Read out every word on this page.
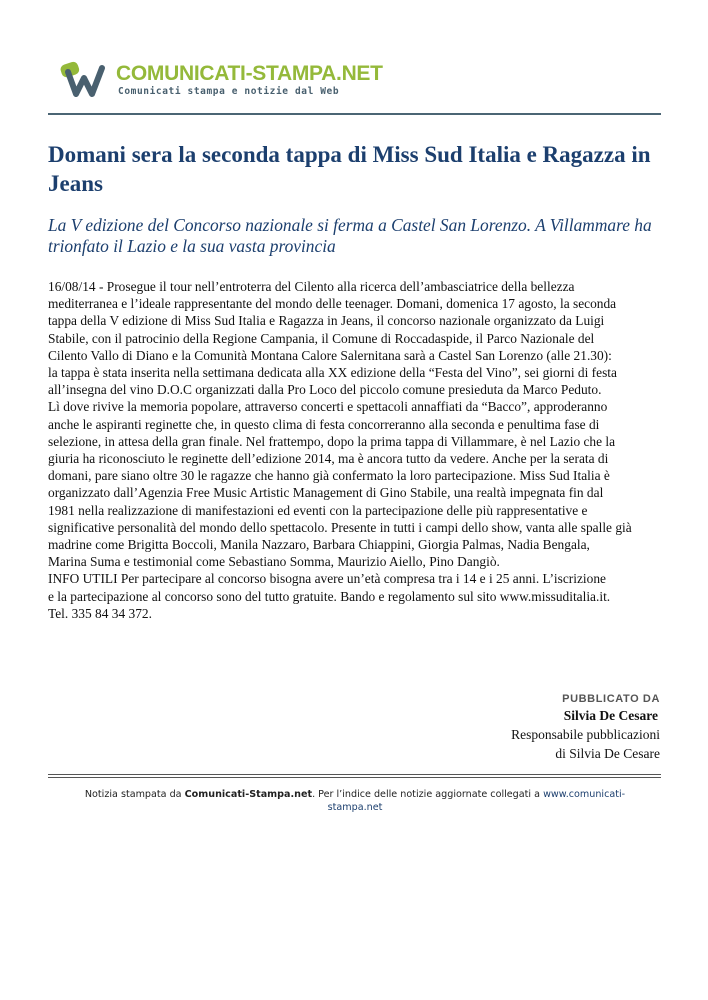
COMUNICATI-STAMPA.NET
Comunicati stampa e notizie dal Web
Domani sera la seconda tappa di Miss Sud Italia e Ragazza in Jeans

La V edizione del Concorso nazionale si ferma a Castel San Lorenzo. A Villammare ha trionfato il Lazio e la sua vasta provincia

16/08/14 - Prosegue il tour nell’entroterra del Cilento alla ricerca dell’ambasciatrice della bellezza
mediterranea e l’ideale rappresentante del mondo delle teenager. Domani, domenica 17 agosto, la seconda
tappa della V edizione di Miss Sud Italia e Ragazza in Jeans, il concorso nazionale organizzato da Luigi
Stabile, con il patrocinio della Regione Campania, il Comune di Roccadaspide, il Parco Nazionale del
Cilento Vallo di Diano e la Comunità Montana Calore Salernitana sarà a Castel San Lorenzo (alle 21.30):
la tappa è stata inserita nella settimana dedicata alla XX edizione della “Festa del Vino”, sei giorni di festa
all’insegna del vino D.O.C organizzati dalla Pro Loco del piccolo comune presieduta da Marco Peduto.
Lì dove rivive la memoria popolare, attraverso concerti e spettacoli annaffiati da “Bacco”, approderanno
anche le aspiranti reginette che, in questo clima di festa concorreranno alla seconda e penultima fase di
selezione, in attesa della gran finale. Nel frattempo, dopo la prima tappa di Villammare, è nel Lazio che la
giuria ha riconosciuto le reginette dell’edizione 2014, ma è ancora tutto da vedere. Anche per la serata di
domani, pare siano oltre 30 le ragazze che hanno già confermato la loro partecipazione. Miss Sud Italia è
organizzato dall’Agenzia Free Music Artistic Management di Gino Stabile, una realtà impegnata fin dal
1981 nella realizzazione di manifestazioni ed eventi con la partecipazione delle più rappresentative e
significative personalità del mondo dello spettacolo. Presente in tutti i campi dello show, vanta alle spalle già
madrine come Brigitta Boccoli, Manila Nazzaro, Barbara Chiappini, Giorgia Palmas, Nadia Bengala,
Marina Suma e testimonial come Sebastiano Somma, Maurizio Aiello, Pino Dangiò.
INFO UTILI Per partecipare al concorso bisogna avere un’età compresa tra i 14 e i 25 anni. L’iscrizione
e la partecipazione al concorso sono del tutto gratuite. Bando e regolamento sul sito www.missuditalia.it.
Tel. 335 84 34 372.
PUBBLICATO DA
Silvia De Cesare
Responsabile pubblicazioni
di Silvia De Cesare
Notizia stampata da Comunicati-Stampa.net. Per l’indice delle notizie aggiornate collegati a www.comunicati-stampa.net
